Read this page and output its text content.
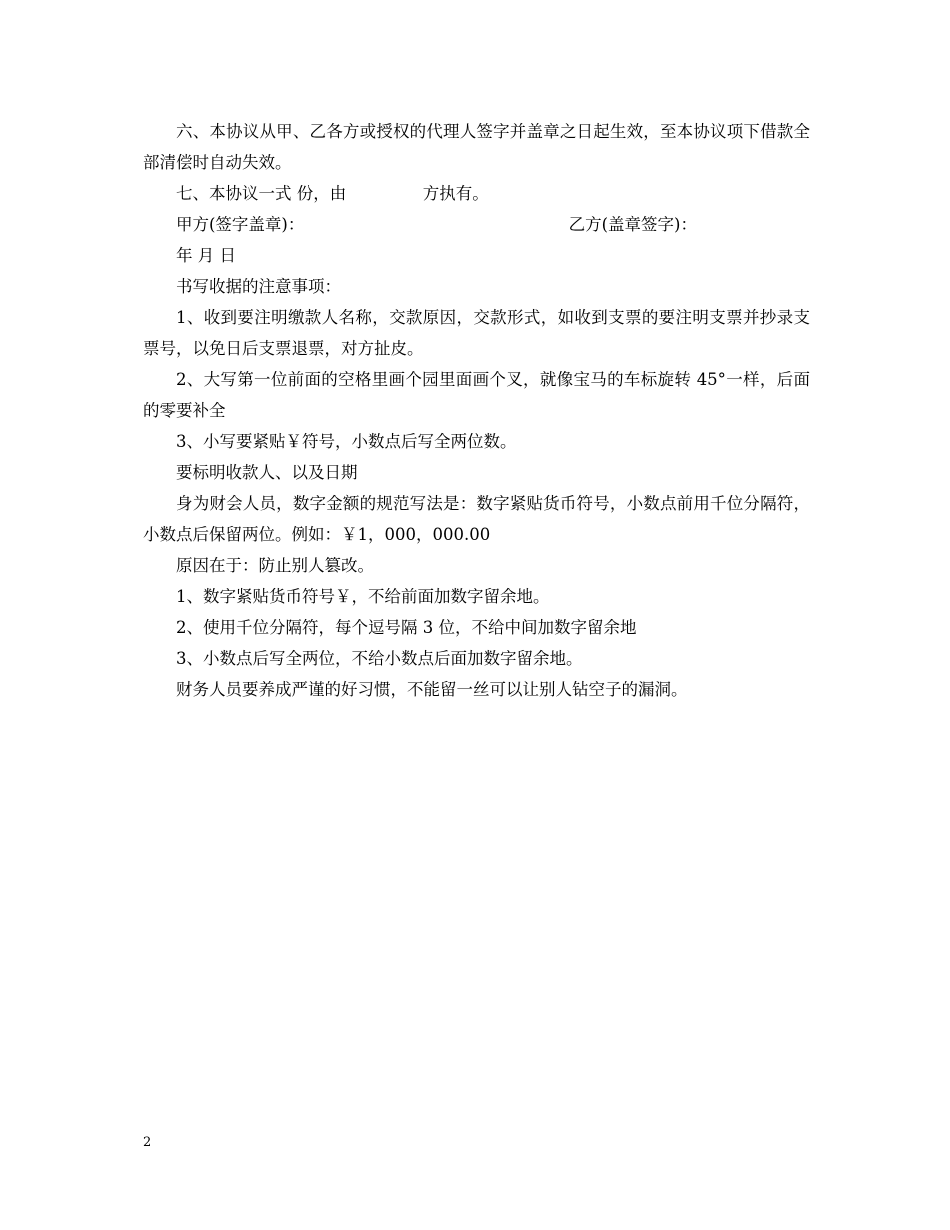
六、本协议从甲、乙各方或授权的代理人签字并盖章之日起生效，至本协议项下借款全部清偿时自动失效。

七、本协议一式 份，由 　　　　 方执有。

甲方(签字盖章)：	乙方(盖章签字)：

年 月 日

书写收据的注意事项：

1、收到要注明缴款人名称，交款原因，交款形式，如收到支票的要注明支票并抄录支票号，以免日后支票退票，对方扯皮。

2、大写第一位前面的空格里画个园里面画个叉，就像宝马的车标旋转 45°一样，后面的零要补全

3、小写要紧贴￥符号，小数点后写全两位数。

要标明收款人、以及日期

身为财会人员，数字金额的规范写法是：数字紧贴货币符号，小数点前用千位分隔符，小数点后保留两位。例如：￥1，000，000.00

原因在于：防止别人篡改。

1、数字紧贴货币符号￥，不给前面加数字留余地。

2、使用千位分隔符，每个逗号隔 3 位，不给中间加数字留余地

3、小数点后写全两位，不给小数点后面加数字留余地。

财务人员要养成严谨的好习惯，不能留一丝可以让别人钻空子的漏洞。

2
